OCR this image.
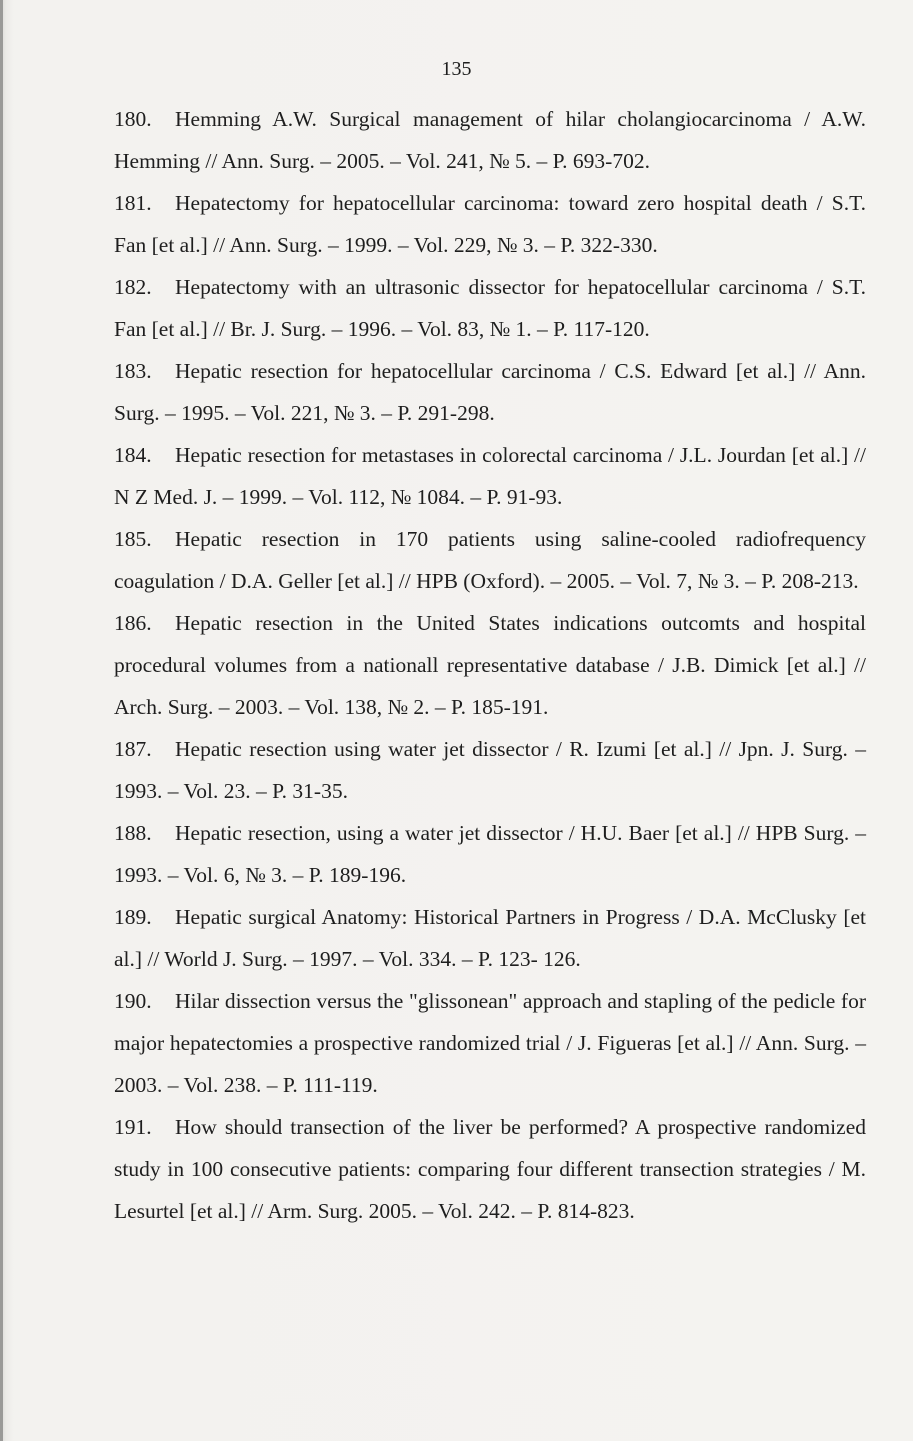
135
180. Hemming A.W. Surgical management of hilar cholangiocarcinoma / A.W. Hemming // Ann. Surg. – 2005. – Vol. 241, № 5. – P. 693-702.
181. Hepatectomy for hepatocellular carcinoma: toward zero hospital death / S.T. Fan [et al.] // Ann. Surg. – 1999. – Vol. 229, № 3. – P. 322-330.
182. Hepatectomy with an ultrasonic dissector for hepatocellular carcinoma / S.T. Fan [et al.] // Br. J. Surg. – 1996. – Vol. 83, № 1. – P. 117-120.
183. Hepatic resection for hepatocellular carcinoma / C.S. Edward [et al.] // Ann. Surg. – 1995. – Vol. 221, № 3. – P. 291-298.
184. Hepatic resection for metastases in colorectal carcinoma / J.L. Jourdan [et al.] // N Z Med. J. – 1999. – Vol. 112, № 1084. – P. 91-93.
185. Hepatic resection in 170 patients using saline-cooled radiofrequency coagulation / D.A. Geller [et al.] // HPB (Oxford). – 2005. – Vol. 7, № 3. – P. 208-213.
186. Hepatic resection in the United States indications outcomts and hospital procedural volumes from a nationall representative database / J.B. Dimick [et al.] // Arch. Surg. – 2003. – Vol. 138, № 2. – P. 185-191.
187. Hepatic resection using water jet dissector / R. Izumi [et al.] // Jpn. J. Surg. – 1993. – Vol. 23. – P. 31-35.
188. Hepatic resection, using a water jet dissector / H.U. Baer [et al.] // HPB Surg. – 1993. – Vol. 6, № 3. – P. 189-196.
189. Hepatic surgical Anatomy: Historical Partners in Progress / D.A. McClusky [et al.] // World J. Surg. – 1997. – Vol. 334. – P. 123- 126.
190. Hilar dissection versus the "glissonean" approach and stapling of the pedicle for major hepatectomies a prospective randomized trial / J. Figueras [et al.] // Ann. Surg. – 2003. – Vol. 238. – P. 111-119.
191. How should transection of the liver be performed? A prospective randomized study in 100 consecutive patients: comparing four different transection strategies / M. Lesurtel [et al.] // Arm. Surg. 2005. – Vol. 242. – P. 814-823.
